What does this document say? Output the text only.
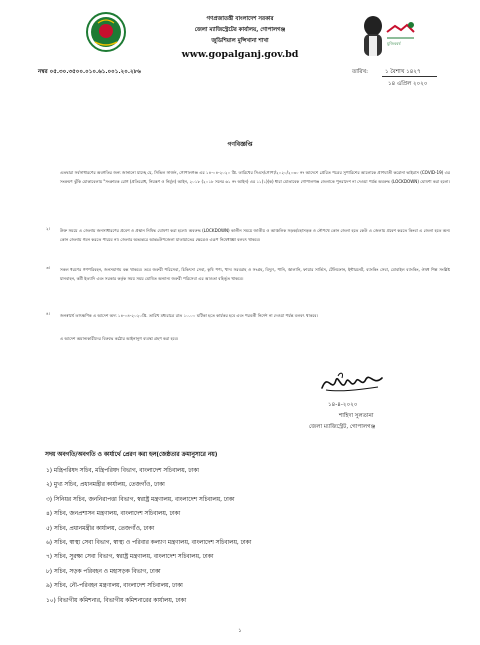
মুজিববর্ষ
গণপ্রজাতন্ত্রী বাংলাদেশ সরকার
জেলা ম্যাজিস্ট্রেটের কার্যালয়, গোপালগঞ্জ
জুডিশিয়াল মুন্সিখানা শাখা
www.gopalganj.gov.bd
নম্বর ০৫.৩০.৩৫০০.০১০.৬১.০০১.২০.২৮৬	তারিখ:	১ বৈশাখ ১৪২৭
১৪ এপ্রিল ২০২০
গণবিজ্ঞপ্তি
এতদ্বারা সর্বসাধারণের অবগতির জন্য জানানো যাচ্ছে যে, সিভিল সার্জন, গোপালগঞ্জ এর ১৪-০৪-২০২০ খ্রি. তারিখের সিএস/গোপা/২০২০/২০৩০ নং আদেশে প্রেরিত পত্রের সুপারিশের আলোকে প্রাণঘাতী করোনা ভাইরাস (COVID-19) এর সংক্রমণ ঝুঁকি মোকাবেলায় "সংক্রামক রোগ (প্রতিরোধ, নিয়ন্ত্রণ ও নির্মূল) আইন, ২০১৮ (২০১৮ সনের ৬১ নং আইন) এর ১১(১)(ক) ধারা মোতাবেক গোপালগঞ্জ জেলাকে পুনরাদেশ না দেওয়া পর্যন্ত অবরুদ্ধ (LOCKDOWN) ঘোষণা করা হলো।
২। উক্ত সময়ে এ জেলায় জনসাধারণের প্রবেশ ও প্রস্থান নিষিদ্ধ ঘোষণা করা হলো। অবরুদ্ধ (LOCKDOWN) কালীন সময়ে জাতীয় ও আঞ্চলিক সড়ক/মহাসড়ক ও নৌপথে কোন জেলা হতে কেউ এ জেলায় প্রবেশ করতে কিংবা এ জেলা হতে অন্য কোন জেলায় গমন করতে পারবে না। জেলার অভ্যন্তরে আন্তঃউপজেলা যাতায়াতের ক্ষেত্রেও এরূপ নিষেধাজ্ঞা বলবৎ থাকবে।
৩। সকল ধরণের গণপরিবহন, জনসমাগম বন্ধ থাকবে। তবে জরুরী পরিসেবা, চিকিৎসা সেবা, কৃষি পণ্য, খাদ্য সরবরাহ ও সংগ্রহ, বিদ্যুৎ, পানি, জ্বালানি, ফায়ার সার্ভিস, টেলিফোন, ইন্টারনেট, ব্যাংকিং সেবা, মোবাইল ব্যাংকিং, ঔষধ শিল্প সংশ্লিষ্ট যানবাহন, কর্মী ইত্যাদি এবং সরকার কর্তৃক সময় সময় ঘোষিত অন্যান্য জরুরী পরিসেবা এর আওতা বহির্ভূত থাকবে।
৪। জনস্বার্থে তাৎক্ষণিক এ আদেশ অদ্য ১৪-০৪-২০২০খ্রি. তারিখ মধ্যরাত্রে রাত ১০.০০ ঘটিকা হতে কার্যকর হবে এবং পরবর্তী নির্দেশ না দেওয়া পর্যন্ত বলবৎ থাকবে।
এ আদেশ অমান্যকারীদের বিরুদ্ধে কঠোর আইনানুগ ব্যবস্থা গ্রহণ করা হবে।
১৪-৪-২০২০
শাহিদা সুলতানা
জেলা ম্যাজিস্ট্রেট, গোপালগঞ্জ
সদয় অবগতি/অবগতি ও কার্যার্থে প্রেরণ করা হল(জেষ্ঠতার ক্রমানুসারে নয়)
১) মন্ত্রিপরিষদ সচিব, মন্ত্রিপরিষদ বিভাগ, বাংলাদেশ সচিবালয়, ঢাকা
২) মুখ্য সচিব, প্রধানমন্ত্রীর কার্যালয়, তেজগাঁও, ঢাকা
৩) সিনিয়র সচিব, জননিরাপত্তা বিভাগ, স্বরাষ্ট্র মন্ত্রণালয়, বাংলাদেশ সচিবালয়, ঢাকা
৪) সচিব, জনপ্রশাসন মন্ত্রণালয়, বাংলাদেশ সচিবালয়, ঢাকা
৫) সচিব, প্রধানমন্ত্রীর কার্যালয়, তেজগাঁও, ঢাকা
৬) সচিব, স্বাস্থ্য সেবা বিভাগ, স্বাস্থ্য ও পরিবার কল্যাণ মন্ত্রণালয়, বাংলাদেশ সচিবালয়, ঢাকা
৭) সচিব, সুরক্ষা সেবা বিভাগ, স্বরাষ্ট্র মন্ত্রণালয়, বাংলাদেশ সচিবালয়, ঢাকা
৮) সচিব, সড়ক পরিবহন ও মহাসড়ক বিভাগ, ঢাকা
৯) সচিব, নৌ-পরিবহন মন্ত্রণালয়, বাংলাদেশ সচিবালয়, ঢাকা
১০) বিভাগীয় কমিশনার, বিভাগীয় কমিশনারের কার্যালয়, ঢাকা
১
